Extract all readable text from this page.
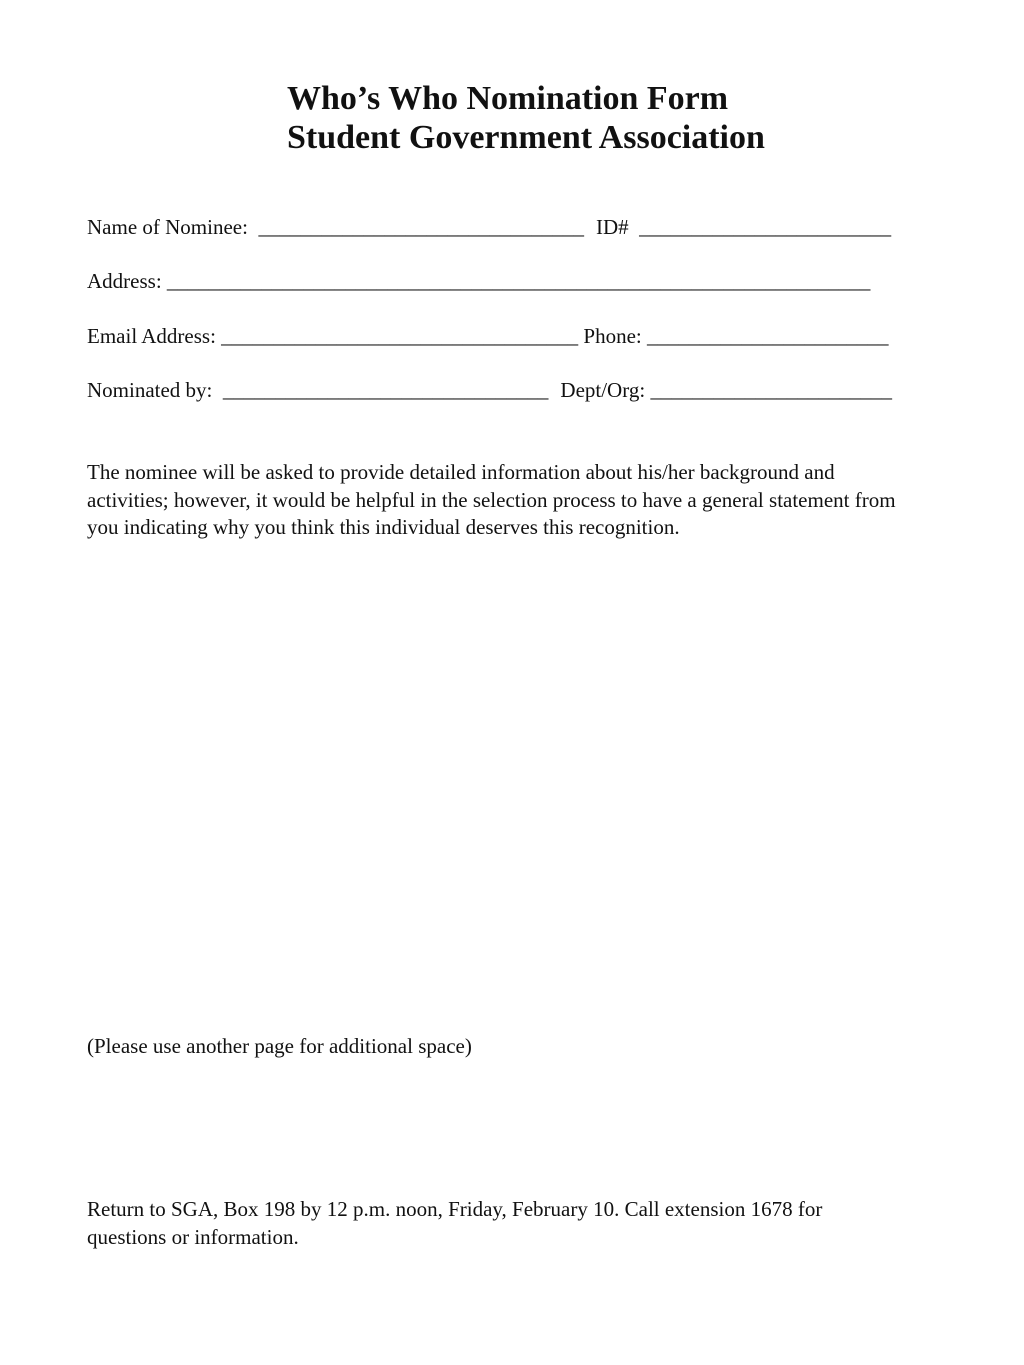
Who’s Who Nomination Form
Student Government Association
Name of Nominee: _______________________________ ID# ________________________
Address: ___________________________________________________________________
Email Address: __________________________________ Phone: _______________________
Nominated by: _______________________________ Dept/Org: _______________________
The nominee will be asked to provide detailed information about his/her background and
activities; however, it would be helpful in the selection process to have a general statement from
you indicating why you think this individual deserves this recognition.
(Please use another page for additional space)
Return to SGA, Box 198 by 12 p.m. noon, Friday, February 10. Call extension 1678 for
questions or information.
